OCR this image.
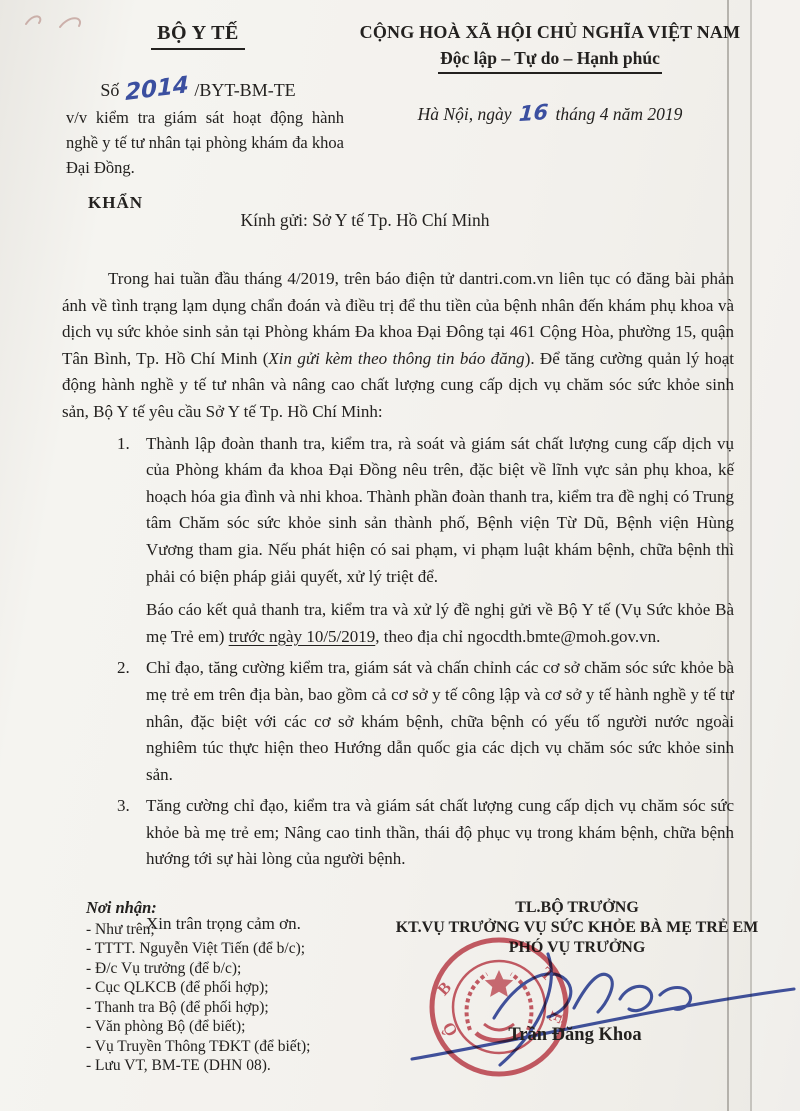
BỘ Y TẾ
Số 2014 /BYT-BM-TE
v/v kiểm tra giám sát hoạt động hành nghề y tế tư nhân tại phòng khám đa khoa Đại Đồng.
CỘNG HOÀ XÃ HỘI CHỦ NGHĨA VIỆT NAM
Độc lập – Tự do – Hạnh phúc
Hà Nội, ngày 16 tháng 4 năm 2019
KHẨN
Kính gửi: Sở Y tế Tp. Hồ Chí Minh

Trong hai tuần đầu tháng 4/2019, trên báo điện tử dantri.com.vn liên tục có đăng bài phản ánh về tình trạng lạm dụng chẩn đoán và điều trị để thu tiền của bệnh nhân đến khám phụ khoa và dịch vụ sức khỏe sinh sản tại Phòng khám Đa khoa Đại Đông tại 461 Cộng Hòa, phường 15, quận Tân Bình, Tp. Hồ Chí Minh (Xin gửi kèm theo thông tin báo đăng). Để tăng cường quản lý hoạt động hành nghề y tế tư nhân và nâng cao chất lượng cung cấp dịch vụ chăm sóc sức khỏe sinh sản, Bộ Y tế yêu cầu Sở Y tế Tp. Hồ Chí Minh:

1. Thành lập đoàn thanh tra, kiểm tra, rà soát và giám sát chất lượng cung cấp dịch vụ của Phòng khám đa khoa Đại Đồng nêu trên, đặc biệt về lĩnh vực sản phụ khoa, kế hoạch hóa gia đình và nhi khoa. Thành phần đoàn thanh tra, kiểm tra đề nghị có Trung tâm Chăm sóc sức khỏe sinh sản thành phố, Bệnh viện Từ Dũ, Bệnh viện Hùng Vương tham gia. Nếu phát hiện có sai phạm, vi phạm luật khám bệnh, chữa bệnh thì phải có biện pháp giải quyết, xử lý triệt để.
Báo cáo kết quả thanh tra, kiểm tra và xử lý đề nghị gửi về Bộ Y tế (Vụ Sức khỏe Bà mẹ Trẻ em) trước ngày 10/5/2019, theo địa chỉ ngocdth.bmte@moh.gov.vn.
2. Chỉ đạo, tăng cường kiểm tra, giám sát và chấn chỉnh các cơ sở chăm sóc sức khỏe bà mẹ trẻ em trên địa bàn, bao gồm cả cơ sở y tế công lập và cơ sở y tế hành nghề y tế tư nhân, đặc biệt với các cơ sở khám bệnh, chữa bệnh có yếu tố người nước ngoài nghiêm túc thực hiện theo Hướng dẫn quốc gia các dịch vụ chăm sóc sức khỏe sinh sản.
3. Tăng cường chỉ đạo, kiểm tra và giám sát chất lượng cung cấp dịch vụ chăm sóc sức khỏe bà mẹ trẻ em; Nâng cao tinh thần, thái độ phục vụ trong khám bệnh, chữa bệnh hướng tới sự hài lòng của người bệnh.
Xin trân trọng cảm ơn.
Nơi nhận:
- Như trên;
- TTTT. Nguyễn Việt Tiến (để b/c);
- Đ/c Vụ trưởng (để b/c);
- Cục QLKCB (để phối hợp);
- Thanh tra Bộ (để phối hợp);
- Văn phòng Bộ (để biết);
- Vụ Truyền Thông TĐKT (để biết);
- Lưu VT, BM-TE (DHN 08).
TL.BỘ TRƯỞNG
KT.VỤ TRƯỞNG VỤ SỨC KHỎE BÀ MẸ TRẺ EM
PHÓ VỤ TRƯỞNG
B
Ộ
T
Ế
Trần Đăng Khoa
